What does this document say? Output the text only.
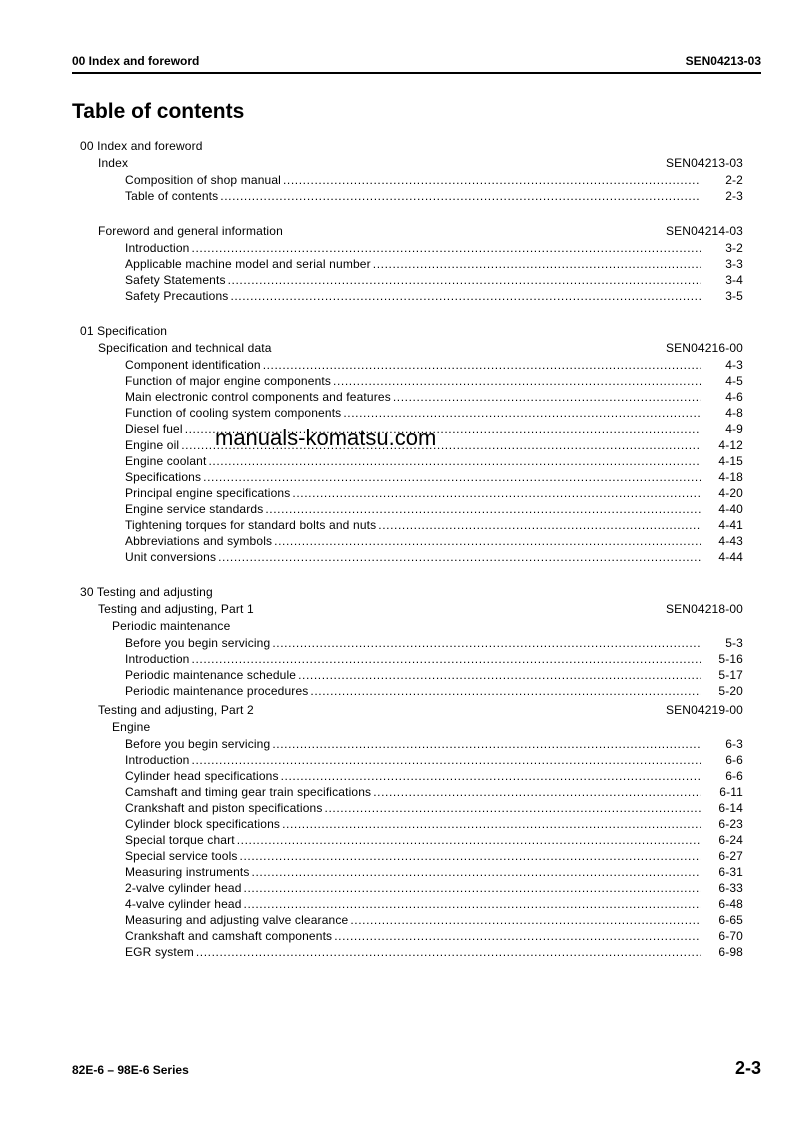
00 Index and foreword	SEN04213-03
Table of contents
00 Index and foreword
Index	SEN04213-03
Composition of shop manual .....	2-2
Table of contents .....	2-3
Foreword and general information	SEN04214-03
Introduction .....	3-2
Applicable machine model and serial number .....	3-3
Safety Statements .....	3-4
Safety Precautions .....	3-5
01 Specification
Specification and technical data	SEN04216-00
Component identification .....	4-3
Function of major engine components .....	4-5
Main electronic control components and features .....	4-6
Function of cooling system components .....	4-8
Diesel fuel .....	4-9
Engine oil .....	4-12
Engine coolant .....	4-15
Specifications .....	4-18
Principal engine specifications .....	4-20
Engine service standards .....	4-40
Tightening torques for standard bolts and nuts .....	4-41
Abbreviations and symbols .....	4-43
Unit conversions .....	4-44
30 Testing and adjusting
Testing and adjusting, Part 1	SEN04218-00
Periodic maintenance
Before you begin servicing .....	5-3
Introduction .....	5-16
Periodic maintenance schedule .....	5-17
Periodic maintenance procedures .....	5-20
Testing and adjusting, Part 2	SEN04219-00
Engine
Before you begin servicing .....	6-3
Introduction .....	6-6
Cylinder head specifications .....	6-6
Camshaft and timing gear train specifications .....	6-11
Crankshaft and piston specifications .....	6-14
Cylinder block specifications .....	6-23
Special torque chart .....	6-24
Special service tools .....	6-27
Measuring instruments .....	6-31
2-valve cylinder head .....	6-33
4-valve cylinder head .....	6-48
Measuring and adjusting valve clearance .....	6-65
Crankshaft and camshaft components .....	6-70
EGR system .....	6-98
manuals-komatsu.com
82E-6 – 98E-6 Series	2-3
